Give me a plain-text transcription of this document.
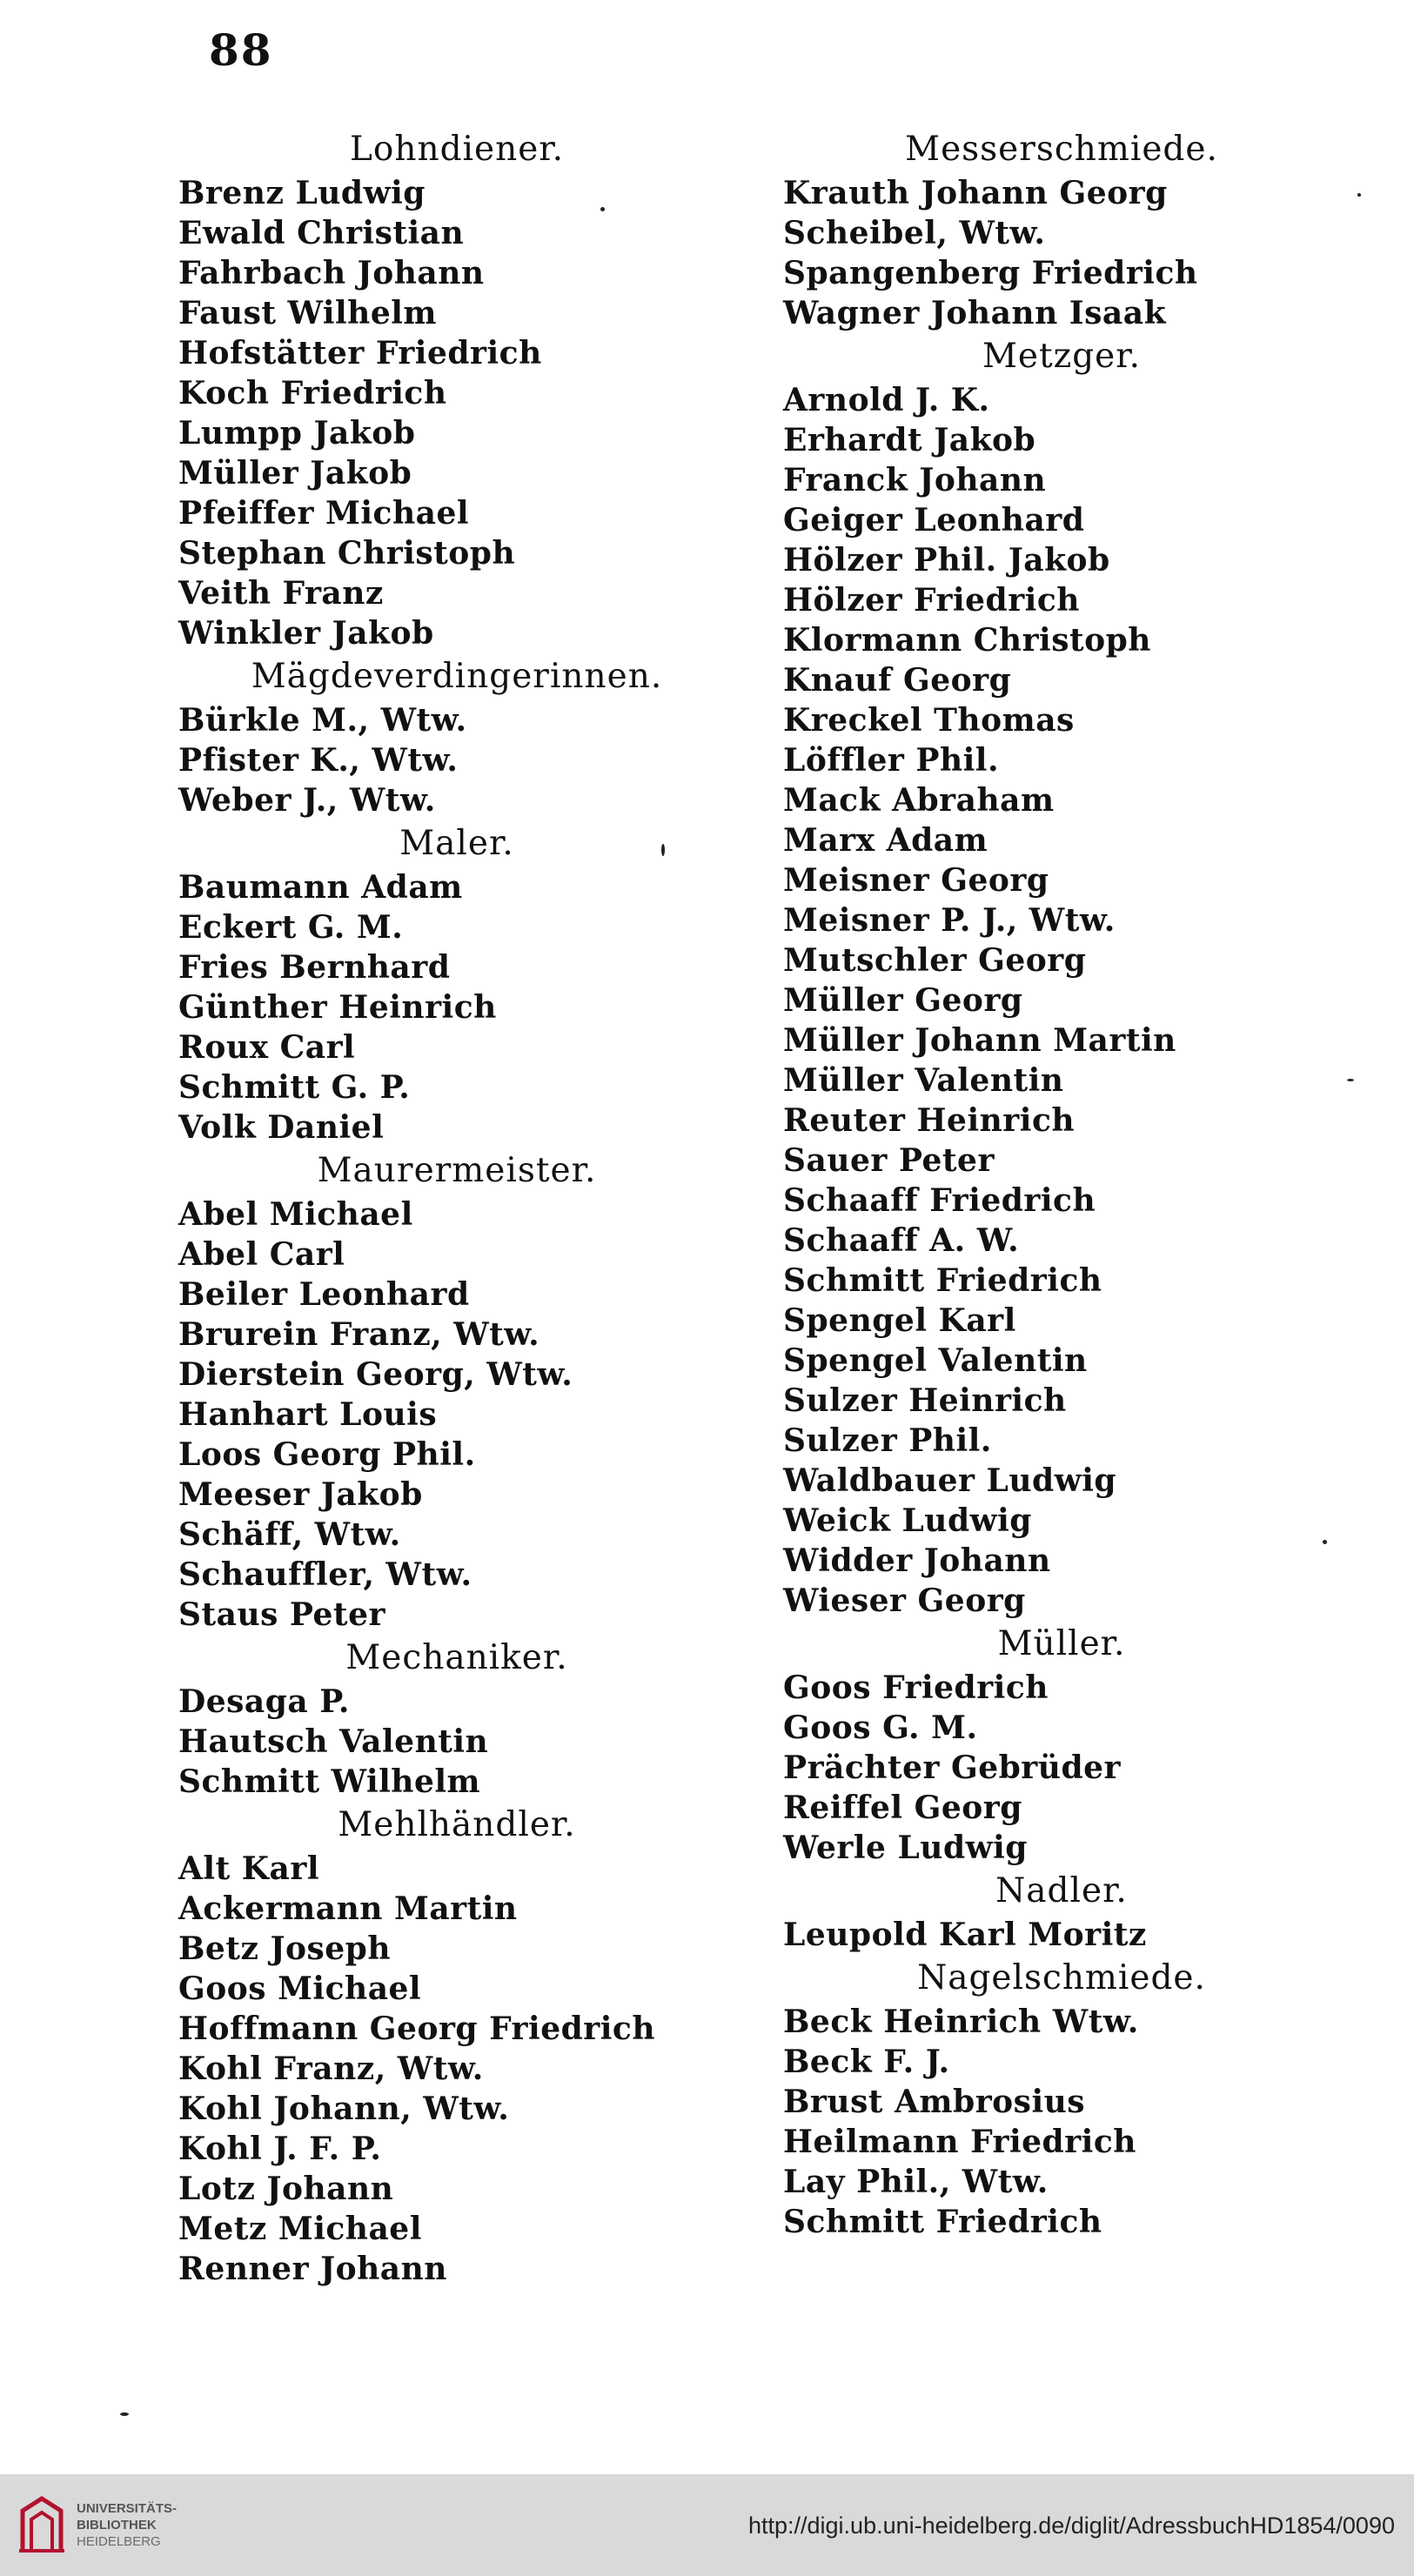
88
Lohndiener.
Brenz Ludwig
Ewald Christian
Fahrbach Johann
Faust Wilhelm
Hofstätter Friedrich
Koch Friedrich
Lumpp Jakob
Müller Jakob
Pfeiffer Michael
Stephan Christoph
Veith Franz
Winkler Jakob
Mägdeverdingerinnen.
Bürkle M., Wtw.
Pfister K., Wtw.
Weber J., Wtw.
Maler.
Baumann Adam
Eckert G. M.
Fries Bernhard
Günther Heinrich
Roux Carl
Schmitt G. P.
Volk Daniel
Maurermeister.
Abel Michael
Abel Carl
Beiler Leonhard
Brurein Franz, Wtw.
Dierstein Georg, Wtw.
Hanhart Louis
Loos Georg Phil.
Meeser Jakob
Schäff, Wtw.
Schauffler, Wtw.
Staus Peter
Mechaniker.
Desaga P.
Hautsch Valentin
Schmitt Wilhelm
Mehlhändler.
Alt Karl
Ackermann Martin
Betz Joseph
Goos Michael
Hoffmann Georg Friedrich
Kohl Franz, Wtw.
Kohl Johann, Wtw.
Kohl J. F. P.
Lotz Johann
Metz Michael
Renner Johann
Messerschmiede.
Krauth Johann Georg
Scheibel, Wtw.
Spangenberg Friedrich
Wagner Johann Isaak
Metzger.
Arnold J. K.
Erhardt Jakob
Franck Johann
Geiger Leonhard
Hölzer Phil. Jakob
Hölzer Friedrich
Klormann Christoph
Knauf Georg
Kreckel Thomas
Löffler Phil.
Mack Abraham
Marx Adam
Meisner Georg
Meisner P. J., Wtw.
Mutschler Georg
Müller Georg
Müller Johann Martin
Müller Valentin
Reuter Heinrich
Sauer Peter
Schaaff Friedrich
Schaaff A. W.
Schmitt Friedrich
Spengel Karl
Spengel Valentin
Sulzer Heinrich
Sulzer Phil.
Waldbauer Ludwig
Weick Ludwig
Widder Johann
Wieser Georg
Müller.
Goos Friedrich
Goos G. M.
Prächter Gebrüder
Reiffel Georg
Werle Ludwig
Nadler.
Leupold Karl Moritz
Nagelschmiede.
Beck Heinrich Wtw.
Beck F. J.
Brust Ambrosius
Heilmann Friedrich
Lay Phil., Wtw.
Schmitt Friedrich
UNIVERSITÄTS-
BIBLIOTHEK
HEIDELBERG
http://digi.ub.uni-heidelberg.de/diglit/AdressbuchHD1854/0090
